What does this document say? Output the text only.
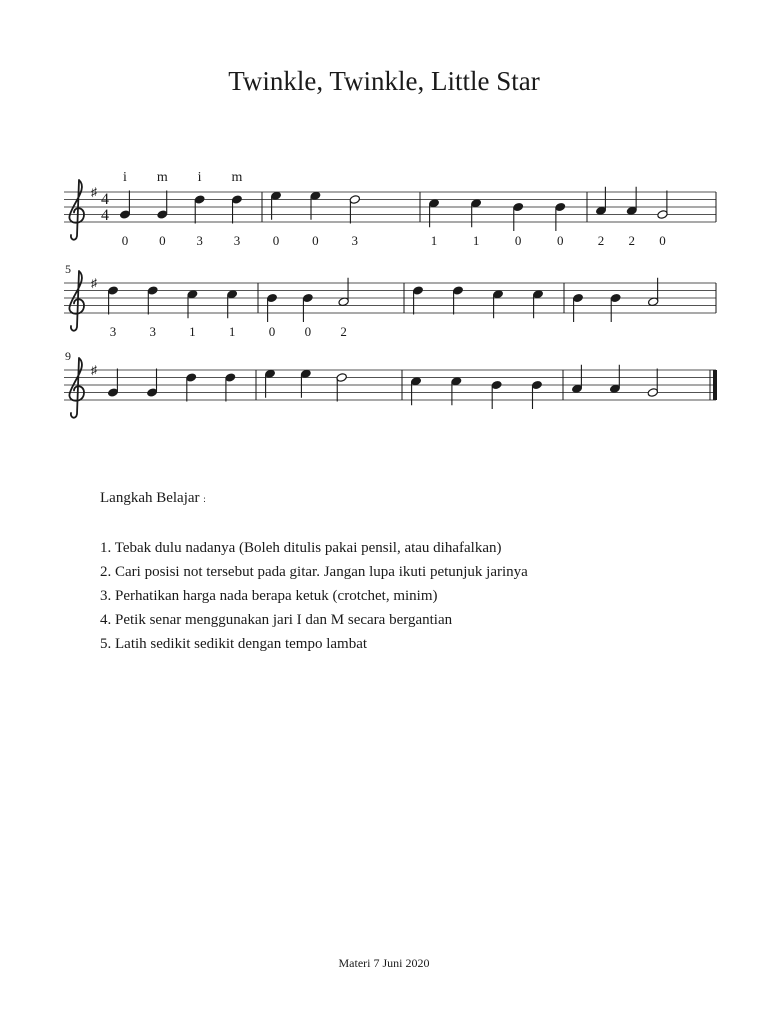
Twinkle, Twinkle, Little Star
♯ 4
4
i m i m
0 0 3 3	0	0	3	1	1	0	0	2 2 0
♯
5
3	3	1	1	0 0 2
♯
9
Langkah Belajar :
1. Tebak dulu nadanya (Boleh ditulis pakai pensil, atau dihafalkan)
2. Cari posisi not tersebut pada gitar. Jangan lupa ikuti petunjuk jarinya
3. Perhatikan harga nada berapa ketuk (crotchet, minim)
4. Petik senar menggunakan jari I dan M secara bergantian
5. Latih sedikit sedikit dengan tempo lambat
Materi 7 Juni 2020
